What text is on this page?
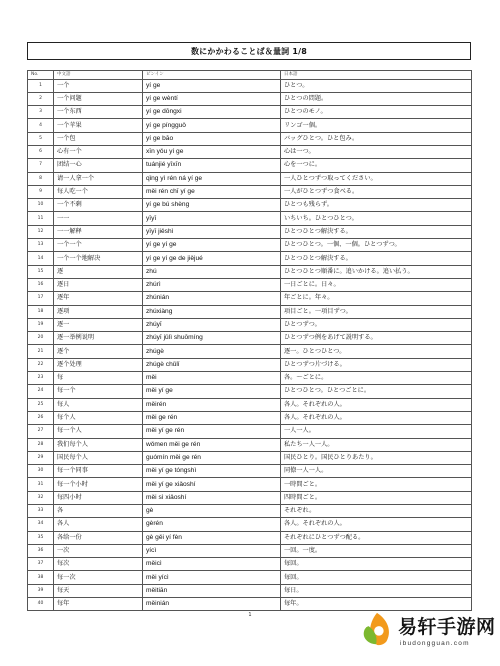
数にかかわることば＆量詞 1/8
No.	中文語	ピンイン	日本語
1	一个	yí ge	ひとつ。
2	一个问题	yí ge wèntí	ひとつの問題。
3	一个东西	yí ge dōngxi	ひとつのモノ。
4	一个苹果	yí ge píngguǒ	リンゴ一個。
5	一个包	yí ge bāo	バッグひとつ。ひと包み。
6	心有一个	xīn yǒu yí ge	心は一つ。
7	团结一心	tuánjié yīxīn	心を一つに。
8	请一人拿一个	qǐng yì rén ná yí ge	一人ひとつずつ取ってください。
9	每人吃一个	měi rén chī yí ge	一人がひとつずつ食べる。
10	一个不剩	yí ge bú shèng	ひとつも残らず。
11	一一	yīyī	いちいち。ひとつひとつ。
12	一一解释	yīyī jiěshì	ひとつひとつ解決する。
13	一个一个	yí ge yí ge	ひとつひとつ。一個、一個。ひとつずつ。
14	一个一个地解决	yí ge yí ge de jiějué	ひとつひとつ解決する。
15	逐	zhú	ひとつひとつ順番に。追いかける。追い払う。
16	逐日	zhúrì	一日ごとに。日々。
17	逐年	zhúnián	年ごとに。年々。
18	逐项	zhúxiàng	項目ごと。一項目ずつ。
19	逐一	zhúyī	ひとつずつ。
20	逐一举例说明	zhúyī jǔlì shuōmíng	ひとつずつ例をあげて説明する。
21	逐个	zhúgè	逐一。ひとつひとつ。
22	逐个处理	zhúgè chǔlǐ	ひとつずつ片づける。
23	每	měi	各。～ごとに。
24	每一个	měi yí ge	ひとつひとつ。ひとつごとに。
25	每人	měirén	各人。それぞれの人。
26	每个人	měi ge rén	各人。それぞれの人。
27	每一个人	měi yí ge rén	一人一人。
28	我们每个人	wǒmen měi ge rén	私たち一人一人。
29	国民每个人	guómín měi ge rén	国民ひとり。国民ひとりあたり。
30	每一个同事	měi yí ge tóngshì	同僚一人一人。
31	每一个小时	měi yí ge xiǎoshí	一時間ごと。
32	每四小时	měi sì xiǎoshí	四時間ごと。
33	各	gè	それぞれ。
34	各人	gèrén	各人。それぞれの人。
35	各给一份	gè gěi yí fèn	それぞれにひとつずつ配る。
36	一次	yícì	一回。一度。
37	每次	měicì	毎回。
38	每一次	měi yícì	毎回。
39	每天	měitiān	毎日。
40	每年	měinián	毎年。
1
易轩手游网
ibudongguan.com
